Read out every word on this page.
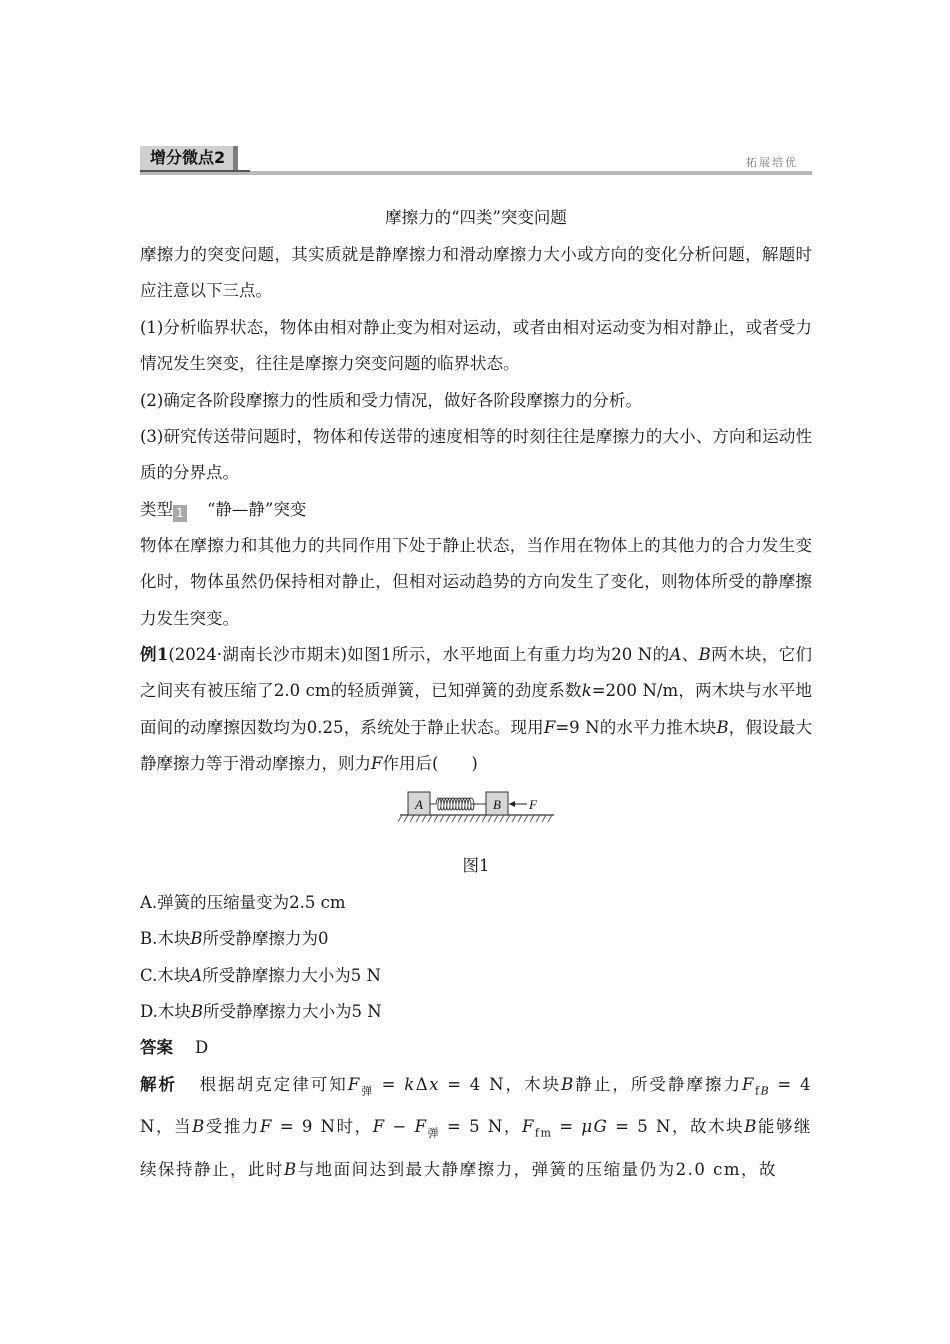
增分微点2	拓展培优
摩擦力的“四类”突变问题

摩擦力的突变问题，其实质就是静摩擦力和滑动摩擦力大小或方向的变化分析问题，解题时应注意以下三点。

(1)分析临界状态，物体由相对静止变为相对运动，或者由相对运动变为相对静止，或者受力情况发生突变，往往是摩擦力突变问题的临界状态。

(2)确定各阶段摩擦力的性质和受力情况，做好各阶段摩擦力的分析。

(3)研究传送带问题时，物体和传送带的速度相等的时刻往往是摩擦力的大小、方向和运动性质的分界点。

类型 1 “静—静”突变

物体在摩擦力和其他力的共同作用下处于静止状态，当作用在物体上的其他力的合力发生变化时，物体虽然仍保持相对静止，但相对运动趋势的方向发生了变化，则物体所受的静摩擦力发生突变。

例1(2024·湖南长沙市期末)如图1所示，水平地面上有重力均为20 N的A、B两木块，它们之间夹有被压缩了2.0 cm的轻质弹簧，已知弹簧的劲度系数k=200 N/m，两木块与水平地面间的动摩擦因数均为0.25，系统处于静止状态。现用F=9 N的水平力推木块B，假设最大静摩擦力等于滑动摩擦力，则力F作用后(　　)

A	B F
图1

A.弹簧的压缩量变为2.5 cm

B.木块B所受静摩擦力为0

C.木块A所受静摩擦力大小为5 N

D.木块B所受静摩擦力大小为5 N

答案 D

解析 根据胡克定律可知$F_弹 = k\Delta x = 4$ N，木块B静止，所受静摩擦力$F_{fB} = 4$ N，当B受推力F = 9 N时，$F - F_弹 = 5$ N，$F_{fm} = \mu G = 5$ N，故木块B能够继续保持静止，此时B与地面间达到最大静摩擦力，弹簧的压缩量仍为2.0 cm，故
